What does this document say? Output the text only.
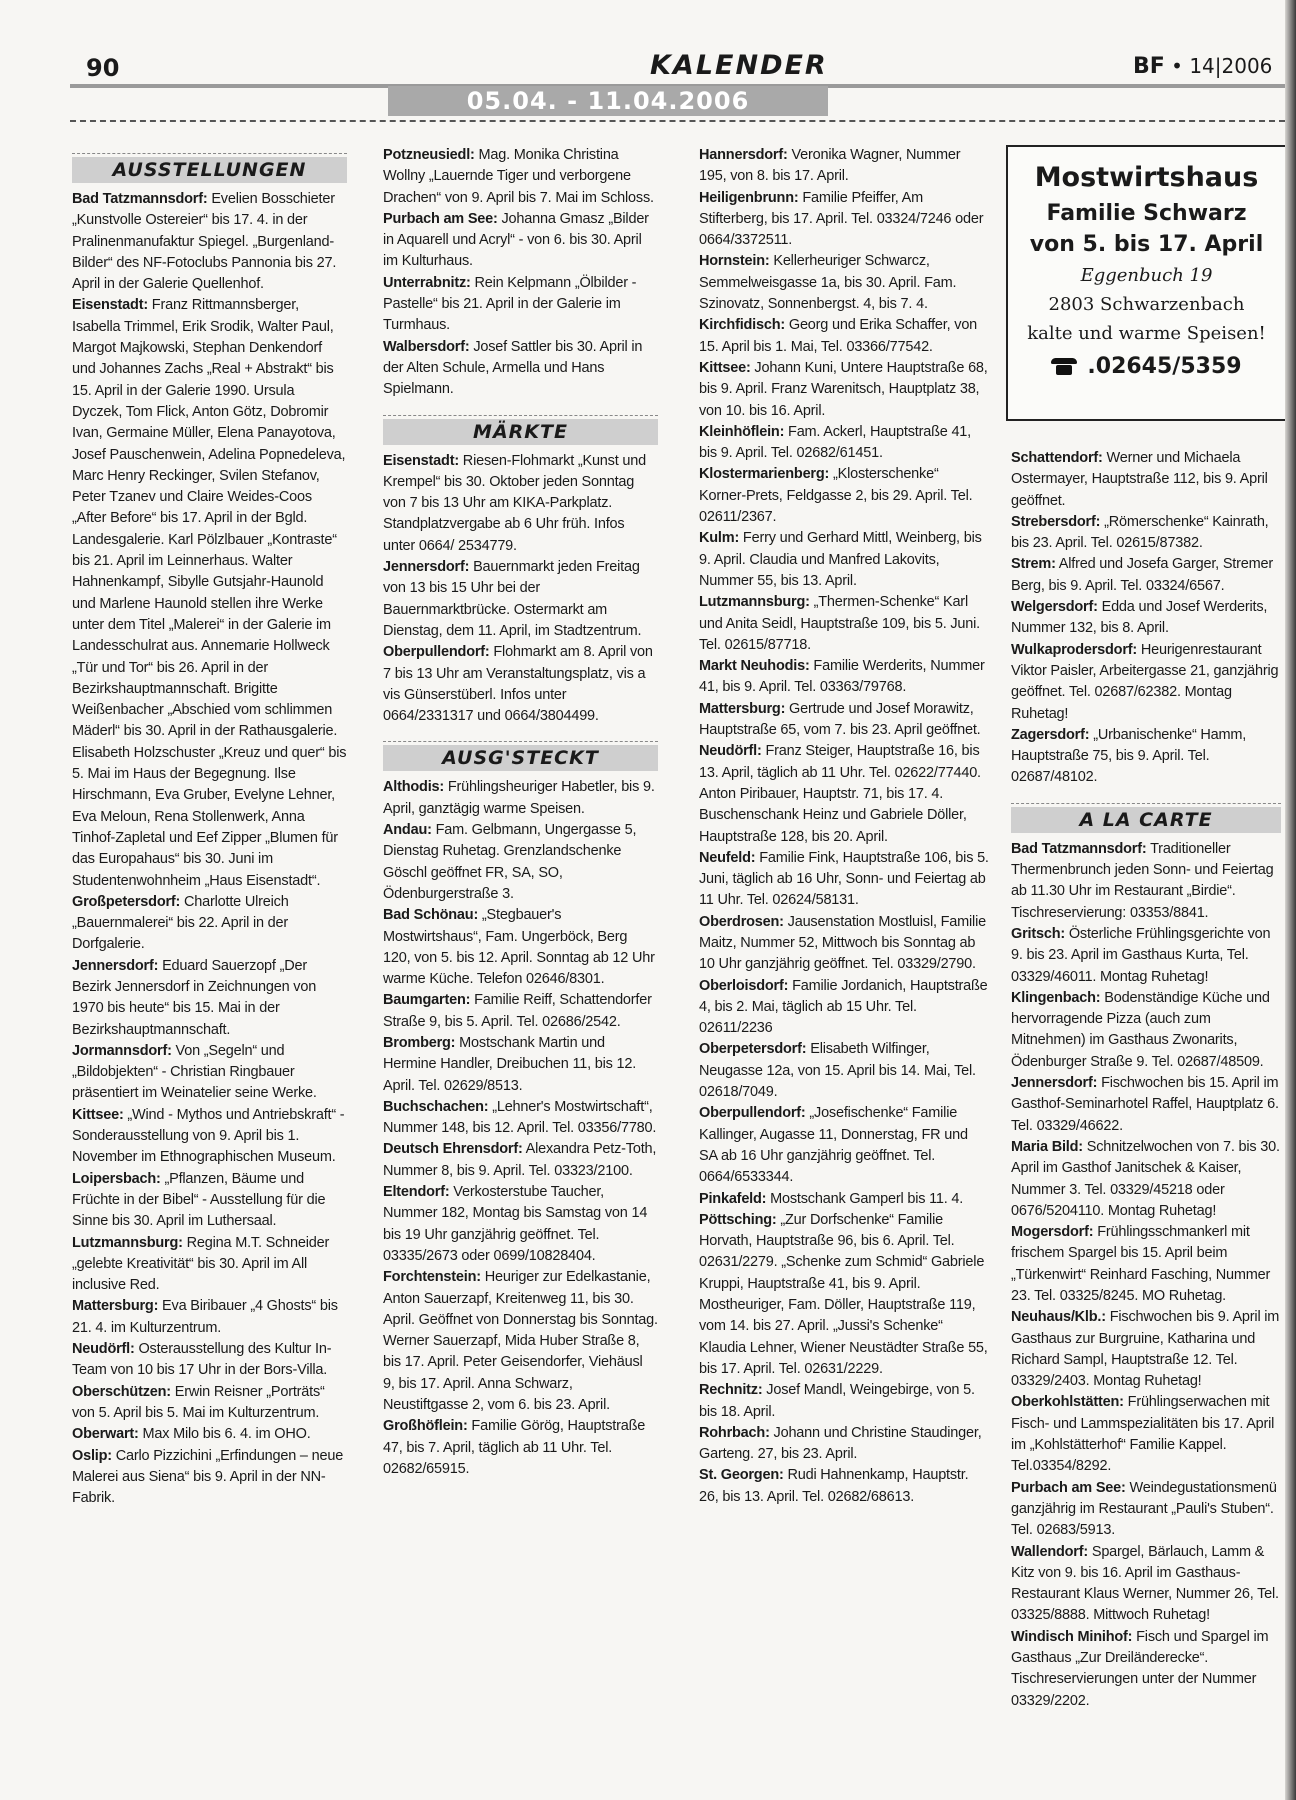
90	KALENDER	BF • 14|2006
05.04. - 11.04.2006
AUSSTELLUNGEN

Bad Tatzmannsdorf: Evelien Bosschieter „Kunstvolle Ostereier“ bis 17. 4. in der Pralinenmanufaktur Spiegel. „Burgenland-Bilder“ des NF-Fotoclubs Pannonia bis 27. April in der Galerie Quellenhof.

Eisenstadt: Franz Rittmannsberger, Isabella Trimmel, Erik Srodik, Walter Paul, Margot Majkowski, Stephan Denkendorf und Johannes Zachs „Real + Abstrakt“ bis 15. April in der Galerie 1990. Ursula Dyczek, Tom Flick, Anton Götz, Dobromir Ivan, Germaine Müller, Elena Panayotova, Josef Pauschenwein, Adelina Popnedeleva, Marc Henry Reckinger, Svilen Stefanov, Peter Tzanev und Claire Weides-Coos „After Before“ bis 17. April in der Bgld. Landesgalerie. Karl Pölzlbauer „Kontraste“ bis 21. April im Leinnerhaus. Walter Hahnenkampf, Sibylle Gutsjahr-Haunold und Marlene Haunold stellen ihre Werke unter dem Titel „Malerei“ in der Galerie im Landesschulrat aus. Annemarie Hollweck „Tür und Tor“ bis 26. April in der Bezirkshauptmannschaft. Brigitte Weißenbacher „Abschied vom schlimmen Mäderl“ bis 30. April in der Rathausgalerie. Elisabeth Holzschuster „Kreuz und quer“ bis 5. Mai im Haus der Begegnung. Ilse Hirschmann, Eva Gruber, Evelyne Lehner, Eva Meloun, Rena Stollenwerk, Anna Tinhof-Zapletal und Eef Zipper „Blumen für das Europahaus“ bis 30. Juni im Studentenwohnheim „Haus Eisenstadt“.

Großpetersdorf: Charlotte Ulreich „Bauernmalerei“ bis 22. April in der Dorfgalerie.

Jennersdorf: Eduard Sauerzopf „Der Bezirk Jennersdorf in Zeichnungen von 1970 bis heute“ bis 15. Mai in der Bezirkshauptmannschaft.

Jormannsdorf: Von „Segeln“ und „Bildobjekten“ - Christian Ringbauer präsentiert im Weinatelier seine Werke.

Kittsee: „Wind - Mythos und Antriebskraft“ - Sonderausstellung von 9. April bis 1. November im Ethnographischen Museum.

Loipersbach: „Pflanzen, Bäume und Früchte in der Bibel“ - Ausstellung für die Sinne bis 30. April im Luthersaal.

Lutzmannsburg: Regina M.T. Schneider „gelebte Kreativität“ bis 30. April im All inclusive Red.

Mattersburg: Eva Biribauer „4 Ghosts“ bis 21. 4. im Kulturzentrum.

Neudörfl: Osterausstellung des Kultur In-Team von 10 bis 17 Uhr in der Bors-Villa.

Oberschützen: Erwin Reisner „Porträts“ von 5. April bis 5. Mai im Kulturzentrum.

Oberwart: Max Milo bis 6. 4. im OHO.

Oslip: Carlo Pizzichini „Erfindungen – neue Malerei aus Siena“ bis 9. April in der NN-Fabrik.

Potzneusiedl: Mag. Monika Christina Wollny „Lauernde Tiger und verborgene Drachen“ von 9. April bis 7. Mai im Schloss.

Purbach am See: Johanna Gmasz „Bilder in Aquarell und Acryl“ - von 6. bis 30. April im Kulturhaus.

Unterrabnitz: Rein Kelpmann „Ölbilder - Pastelle“ bis 21. April in der Galerie im Turmhaus.

Walbersdorf: Josef Sattler bis 30. April in der Alten Schule, Armella und Hans Spielmann.

MÄRKTE

Eisenstadt: Riesen-Flohmarkt „Kunst und Krempel“ bis 30. Oktober jeden Sonntag von 7 bis 13 Uhr am KIKA-Parkplatz. Standplatzvergabe ab 6 Uhr früh. Infos unter 0664/ 2534779.

Jennersdorf: Bauernmarkt jeden Freitag von 13 bis 15 Uhr bei der Bauernmarktbrücke. Ostermarkt am Dienstag, dem 11. April, im Stadtzentrum.

Oberpullendorf: Flohmarkt am 8. April von 7 bis 13 Uhr am Veranstaltungsplatz, vis a vis Günserstüberl. Infos unter 0664/2331317 und 0664/3804499.

AUSG'STECKT

Althodis: Frühlingsheuriger Habetler, bis 9. April, ganztägig warme Speisen.

Andau: Fam. Gelbmann, Ungergasse 5, Dienstag Ruhetag. Grenzlandschenke Göschl geöffnet FR, SA, SO, Ödenburgerstraße 3.

Bad Schönau: „Stegbauer's Mostwirtshaus“, Fam. Ungerböck, Berg 120, von 5. bis 12. April. Sonntag ab 12 Uhr warme Küche. Telefon 02646/8301.

Baumgarten: Familie Reiff, Schattendorfer Straße 9, bis 5. April. Tel. 02686/2542.

Bromberg: Mostschank Martin und Hermine Handler, Dreibuchen 11, bis 12. April. Tel. 02629/8513.

Buchschachen: „Lehner's Mostwirtschaft“, Nummer 148, bis 12. April. Tel. 03356/7780.

Deutsch Ehrensdorf: Alexandra Petz-Toth, Nummer 8, bis 9. April. Tel. 03323/2100.

Eltendorf: Verkosterstube Taucher, Nummer 182, Montag bis Samstag von 14 bis 19 Uhr ganzjährig geöffnet. Tel. 03335/2673 oder 0699/10828404.

Forchtenstein: Heuriger zur Edelkastanie, Anton Sauerzapf, Kreitenweg 11, bis 30. April. Geöffnet von Donnerstag bis Sonntag. Werner Sauerzapf, Mida Huber Straße 8, bis 17. April. Peter Geisendorfer, Viehäusl 9, bis 17. April. Anna Schwarz, Neustiftgasse 2, vom 6. bis 23. April.

Großhöflein: Familie Görög, Hauptstraße 47, bis 7. April, täglich ab 11 Uhr. Tel. 02682/65915.

Hannersdorf: Veronika Wagner, Nummer 195, von 8. bis 17. April.

Heiligenbrunn: Familie Pfeiffer, Am Stifterberg, bis 17. April. Tel. 03324/7246 oder 0664/3372511.

Hornstein: Kellerheuriger Schwarcz, Semmelweisgasse 1a, bis 30. April. Fam. Szinovatz, Sonnenbergst. 4, bis 7. 4.

Kirchfidisch: Georg und Erika Schaffer, von 15. April bis 1. Mai, Tel. 03366/77542.

Kittsee: Johann Kuni, Untere Hauptstraße 68, bis 9. April. Franz Warenitsch, Hauptplatz 38, von 10. bis 16. April.

Kleinhöflein: Fam. Ackerl, Hauptstraße 41, bis 9. April. Tel. 02682/61451.

Klostermarienberg: „Klosterschenke“ Korner-Prets, Feldgasse 2, bis 29. April. Tel. 02611/2367.

Kulm: Ferry und Gerhard Mittl, Weinberg, bis 9. April. Claudia und Manfred Lakovits, Nummer 55, bis 13. April.

Lutzmannsburg: „Thermen-Schenke“ Karl und Anita Seidl, Hauptstraße 109, bis 5. Juni. Tel. 02615/87718.

Markt Neuhodis: Familie Werderits, Nummer 41, bis 9. April. Tel. 03363/79768.

Mattersburg: Gertrude und Josef Morawitz, Hauptstraße 65, vom 7. bis 23. April geöffnet.

Neudörfl: Franz Steiger, Hauptstraße 16, bis 13. April, täglich ab 11 Uhr. Tel. 02622/77440. Anton Piribauer, Hauptstr. 71, bis 17. 4. Buschenschank Heinz und Gabriele Döller, Hauptstraße 128, bis 20. April.

Neufeld: Familie Fink, Hauptstraße 106, bis 5. Juni, täglich ab 16 Uhr, Sonn- und Feiertag ab 11 Uhr. Tel. 02624/58131.

Oberdrosen: Jausenstation Mostluisl, Familie Maitz, Nummer 52, Mittwoch bis Sonntag ab 10 Uhr ganzjährig geöffnet. Tel. 03329/2790.

Oberloisdorf: Familie Jordanich, Hauptstraße 4, bis 2. Mai, täglich ab 15 Uhr. Tel. 02611/2236

Oberpetersdorf: Elisabeth Wilfinger, Neugasse 12a, von 15. April bis 14. Mai, Tel. 02618/7049.

Oberpullendorf: „Josefischenke“ Familie Kallinger, Augasse 11, Donnerstag, FR und SA ab 16 Uhr ganzjährig geöffnet. Tel. 0664/6533344.

Pinkafeld: Mostschank Gamperl bis 11. 4.

Pöttsching: „Zur Dorfschenke“ Familie Horvath, Hauptstraße 96, bis 6. April. Tel. 02631/2279. „Schenke zum Schmid“ Gabriele Kruppi, Hauptstraße 41, bis 9. April. Mostheuriger, Fam. Döller, Hauptstraße 119, vom 14. bis 27. April. „Jussi's Schenke“ Klaudia Lehner, Wiener Neustädter Straße 55, bis 17. April. Tel. 02631/2229.

Rechnitz: Josef Mandl, Weingebirge, von 5. bis 18. April.

Rohrbach: Johann und Christine Staudinger, Garteng. 27, bis 23. April.

St. Georgen: Rudi Hahnenkamp, Hauptstr. 26, bis 13. April. Tel. 02682/68613.

Mostwirtshaus
Familie Schwarz
von 5. bis 17. April
Eggenbuch 19
2803 Schwarzenbach
kalte und warme Speisen!
.02645/5359

Schattendorf: Werner und Michaela Ostermayer, Hauptstraße 112, bis 9. April geöffnet.

Strebersdorf: „Römerschenke“ Kainrath, bis 23. April. Tel. 02615/87382.

Strem: Alfred und Josefa Garger, Stremer Berg, bis 9. April. Tel. 03324/6567.

Welgersdorf: Edda und Josef Werderits, Nummer 132, bis 8. April.

Wulkaprodersdorf: Heurigenrestaurant Viktor Paisler, Arbeitergasse 21, ganzjährig geöffnet. Tel. 02687/62382. Montag Ruhetag!

Zagersdorf: „Urbanischenke“ Hamm, Hauptstraße 75, bis 9. April. Tel. 02687/48102.

A LA CARTE

Bad Tatzmannsdorf: Traditioneller Thermenbrunch jeden Sonn- und Feiertag ab 11.30 Uhr im Restaurant „Birdie“. Tischreservierung: 03353/8841.

Gritsch: Österliche Frühlingsgerichte von 9. bis 23. April im Gasthaus Kurta, Tel. 03329/46011. Montag Ruhetag!

Klingenbach: Bodenständige Küche und hervorragende Pizza (auch zum Mitnehmen) im Gasthaus Zwonarits, Ödenburger Straße 9. Tel. 02687/48509.

Jennersdorf: Fischwochen bis 15. April im Gasthof-Seminarhotel Raffel, Hauptplatz 6. Tel. 03329/46622.

Maria Bild: Schnitzelwochen von 7. bis 30. April im Gasthof Janitschek & Kaiser, Nummer 3. Tel. 03329/45218 oder 0676/5204110. Montag Ruhetag!

Mogersdorf: Frühlingsschmankerl mit frischem Spargel bis 15. April beim „Türkenwirt“ Reinhard Fasching, Nummer 23. Tel. 03325/8245. MO Ruhetag.

Neuhaus/Klb.: Fischwochen bis 9. April im Gasthaus zur Burgruine, Katharina und Richard Sampl, Hauptstraße 12. Tel. 03329/2403. Montag Ruhetag!

Oberkohlstätten: Frühlingserwachen mit Fisch- und Lammspezialitäten bis 17. April im „Kohlstätterhof“ Familie Kappel. Tel.03354/8292.

Purbach am See: Weindegustationsmenü ganzjährig im Restaurant „Pauli's Stuben“. Tel. 02683/5913.

Wallendorf: Spargel, Bärlauch, Lamm & Kitz von 9. bis 16. April im Gasthaus-Restaurant Klaus Werner, Nummer 26, Tel. 03325/8888. Mittwoch Ruhetag!

Windisch Minihof: Fisch und Spargel im Gasthaus „Zur Dreiländerecke“. Tischreservierungen unter der Nummer 03329/2202.
